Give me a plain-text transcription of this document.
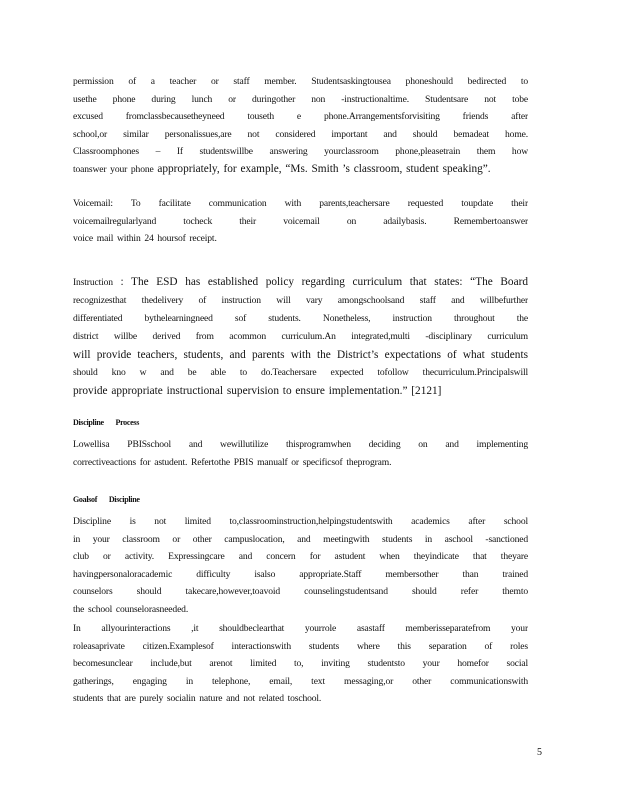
permission of a teacher or staff member. Studentsaskingtousea phoneshould bedirected to
usethe phone during lunch or duringother non -instructionaltime. Studentsare not tobe
excused fromclassbecausetheyneed touseth e phone.Arrangementsforvisiting friends after
school,or similar personalissues,are not considered important and should bemadeat home.
Classroomphones – If studentswillbe answering yourclassroom phone,pleasetrain them how
toanswer your phone appropriately, for example, “Ms. Smith ’s classroom, student speaking”.
Voicemail: To facilitate communication with parents,teachersare requested toupdate their
voicemailregularlyand tocheck their voicemail on adailybasis. Remembertoanswer
voice mail within 24 hoursof receipt.
Instruction : The ESD has established policy regarding curriculum that states: “The Board
recognizesthat thedelivery of instruction will vary amongschoolsand staff and willbefurther
differentiated bythelearningneed sof students. Nonetheless, instruction throughout the
district willbe derived from acommon curriculum.An integrated,multi -disciplinary curriculum
will provide teachers, students, and parents with the District’s expectations of what students
should kno w and be able to do.Teachersare expected tofollow thecurriculum.Principalswill
provide appropriate instructional supervision to ensure implementation.” [2121]
Discipline Process
Lowellisa PBISschool and wewillutilize thisprogramwhen deciding on and implementing
correctiveactions for astudent. Refertothe PBIS manualf or specificsof theprogram.
Goalsof Discipline
Discipline is not limited to,classroominstruction,helpingstudentswith academics after school
in your classroom or other campuslocation, and meetingwith students in aschool -sanctioned
club or activity. Expressingcare and concern for astudent when theyindicate that theyare
havingpersonaloracademic difficulty isalso appropriate.Staff membersother than trained
counselors should takecare,however,toavoid counselingstudentsand should refer themto
the school counselorasneeded.
In allyourinteractions ,it shouldbeclearthat yourrole asastaff memberisseparatefrom your
roleasaprivate citizen.Examplesof interactionswith students where this separation of roles
becomesunclear include,but arenot limited to, inviting studentsto your homefor social
gatherings, engaging in telephone, email, text messaging,or other communicationswith
students that are purely socialin nature and not related toschool.
5
